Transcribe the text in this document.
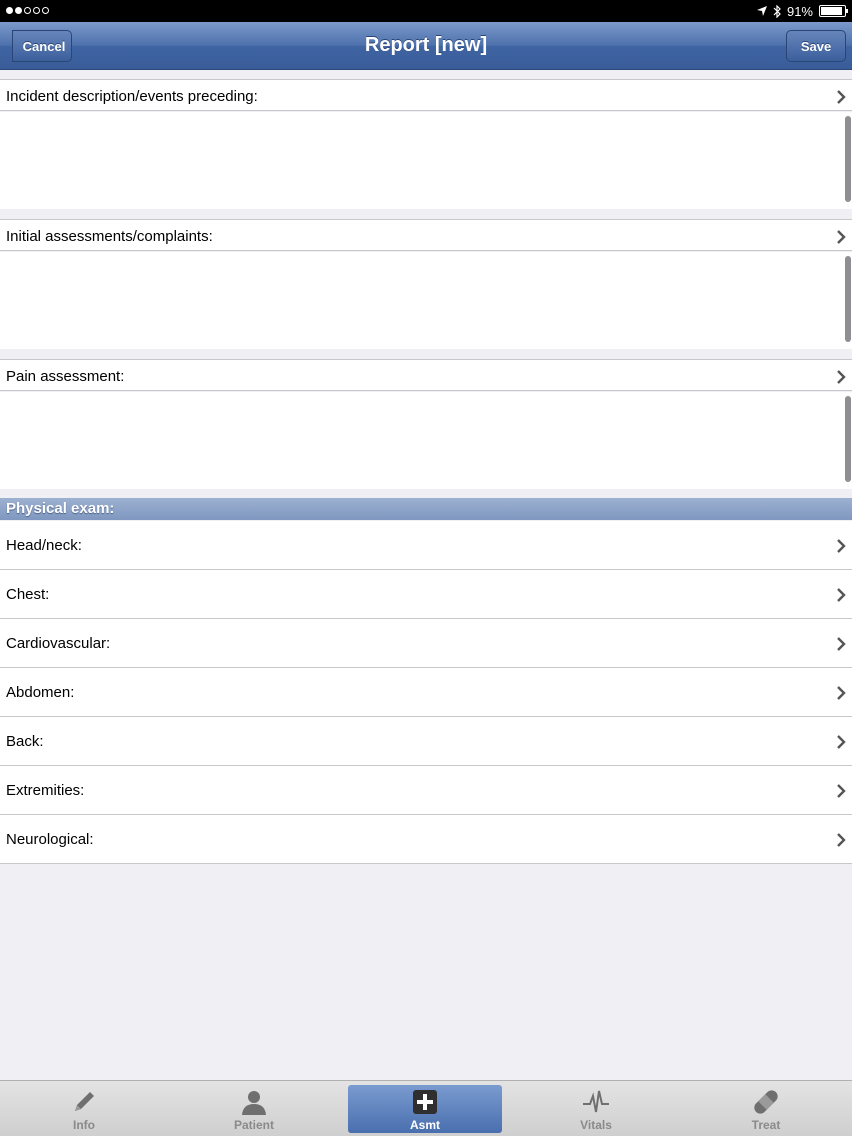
91%
Cancel	Report [new]	Save
Incident description/events preceding:
Initial assessments/complaints:
Pain assessment:
Physical exam:
Head/neck:
Chest:
Cardiovascular:
Abdomen:
Back:
Extremities:
Neurological:
Info	Patient	Asmt	Vitals	Treat
